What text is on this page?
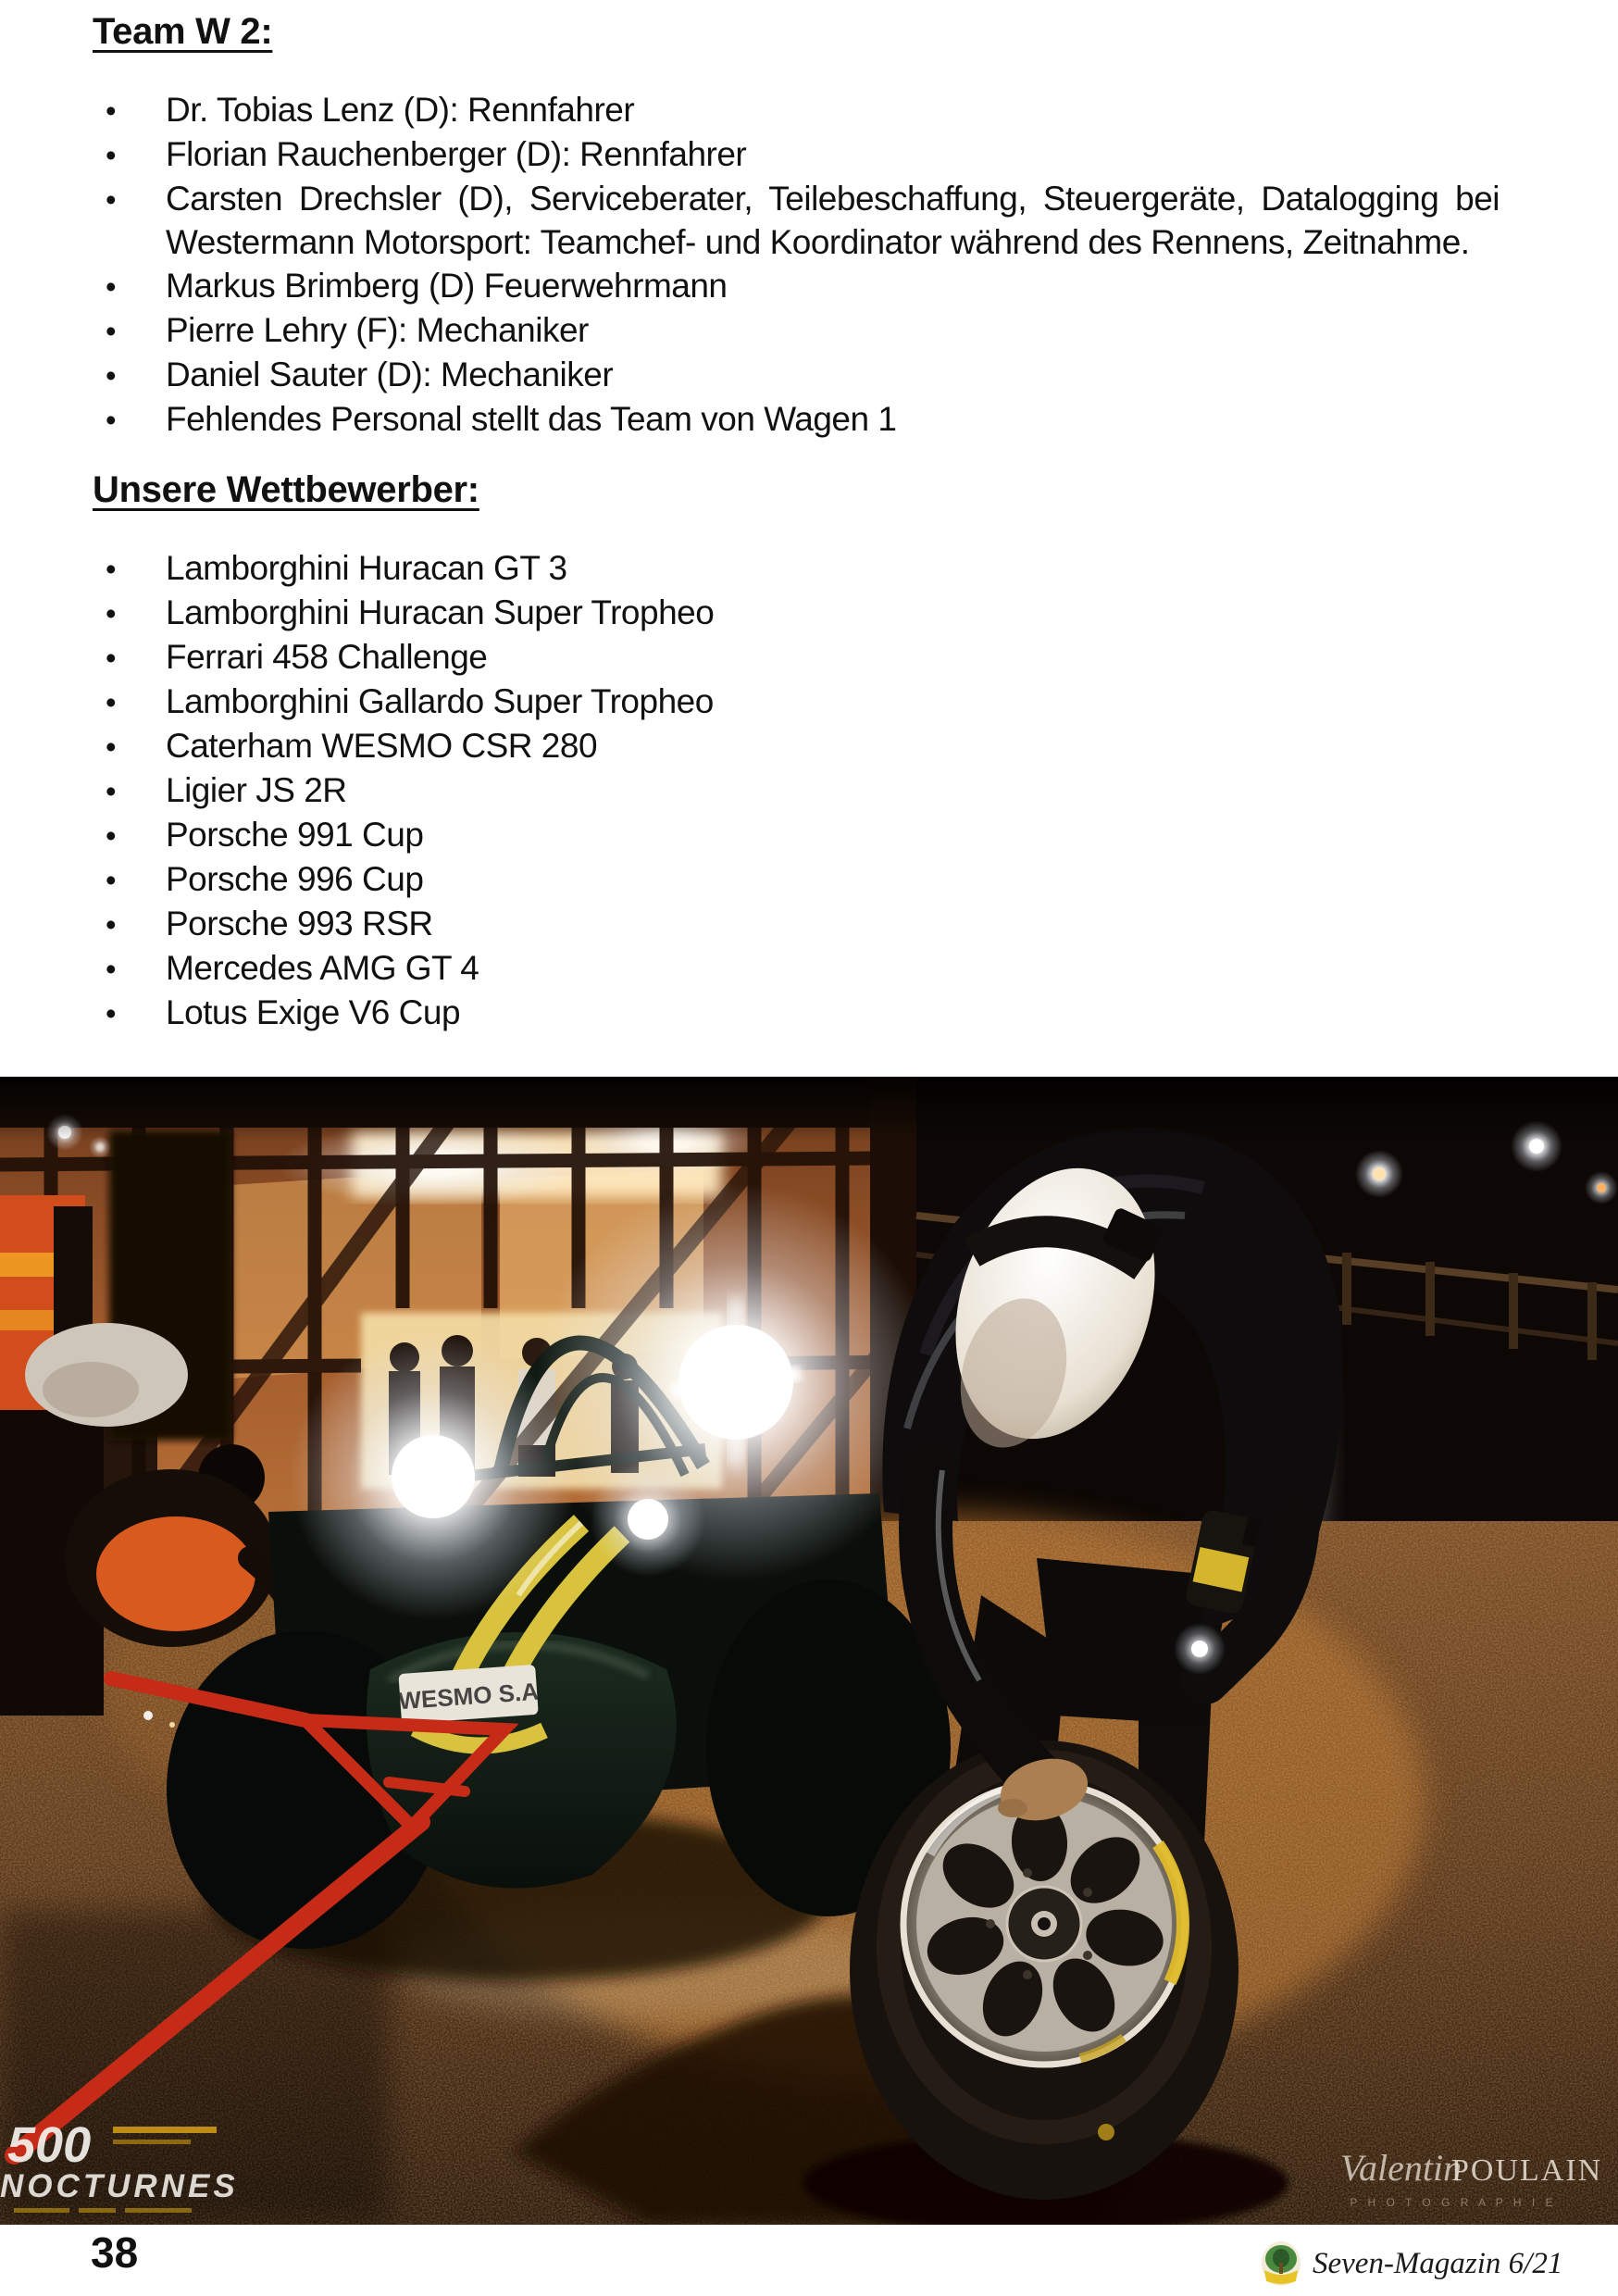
Team W 2:
•
Dr. Tobias Lenz (D): Rennfahrer
•
Florian Rauchenberger (D): Rennfahrer
•
Carsten Drechsler (D), Serviceberater, Teilebeschaffung, Steuergeräte, Datalogging bei Westermann Motorsport: Teamchef- und Koordinator während des Rennens, Zeitnahme.
•
Markus Brimberg (D) Feuerwehrmann
•
Pierre Lehry (F): Mechaniker
•
Daniel Sauter (D): Mechaniker
•
Fehlendes Personal stellt das Team von Wagen 1
Unsere Wettbewerber:
•
Lamborghini Huracan GT 3
•
Lamborghini Huracan Super Tropheo
•
Ferrari 458 Challenge
•
Lamborghini Gallardo Super Tropheo
•
Caterham WESMO CSR 280
•
Ligier JS 2R
•
Porsche 991 Cup
•
Porsche 996 Cup
•
Porsche 993 RSR
•
Mercedes AMG GT 4
•
Lotus Exige V6 Cup
WESMO S.A
500
NOCTURNES	Valentin
POULAIN
P H O T O G R A P H I E
38	Seven-Magazin 6/21
